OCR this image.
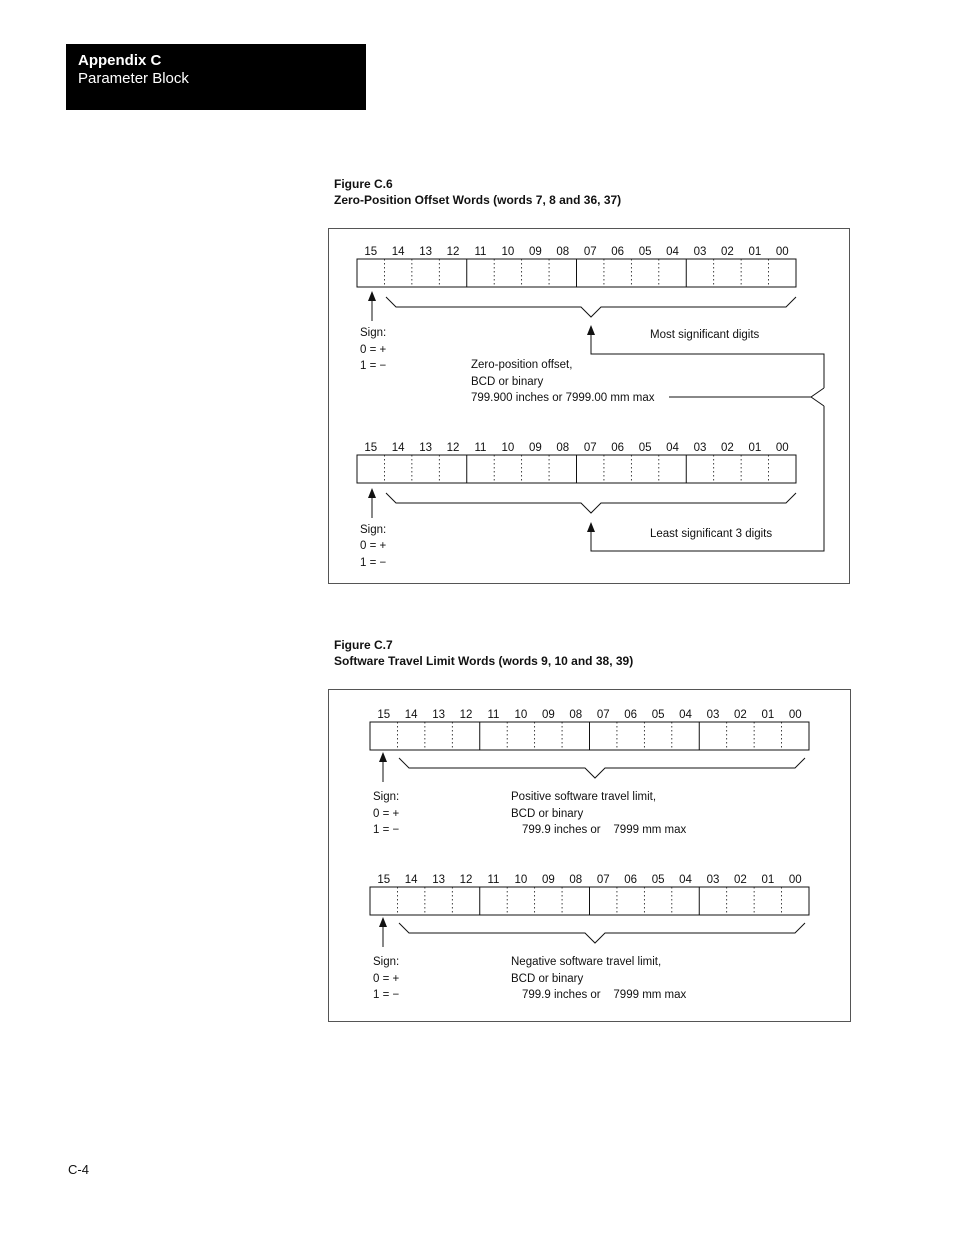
Appendix C
Parameter Block
Figure C.6
Zero-Position Offset Words (words 7, 8 and 36, 37)
15 14 13 12 11 10 09 08 07 06 05 04 03 02 01 00
15 14 13 12 11 10 09 08 07 06 05 04 03 02 01 00
Sign:
0 = +
1 = −
Sign:
0 = +
1 = −
Most significant digits
Least significant 3 digits
Zero-position offset,
BCD or binary
799.900 inches or 7999.00 mm max
Figure C.7
Software Travel Limit Words (words 9, 10 and 38, 39)
15 14 13 12 11 10 09 08 07 06 05 04 03 02 01 00
15 14 13 12 11 10 09 08 07 06 05 04 03 02 01 00
Sign:
0 = +
1 = −
Positive software travel limit,
BCD or binary
799.9 inches or    7999 mm max
Sign:
0 = +
1 = −
Negative software travel limit,
BCD or binary
799.9 inches or    7999 mm max
C-4
